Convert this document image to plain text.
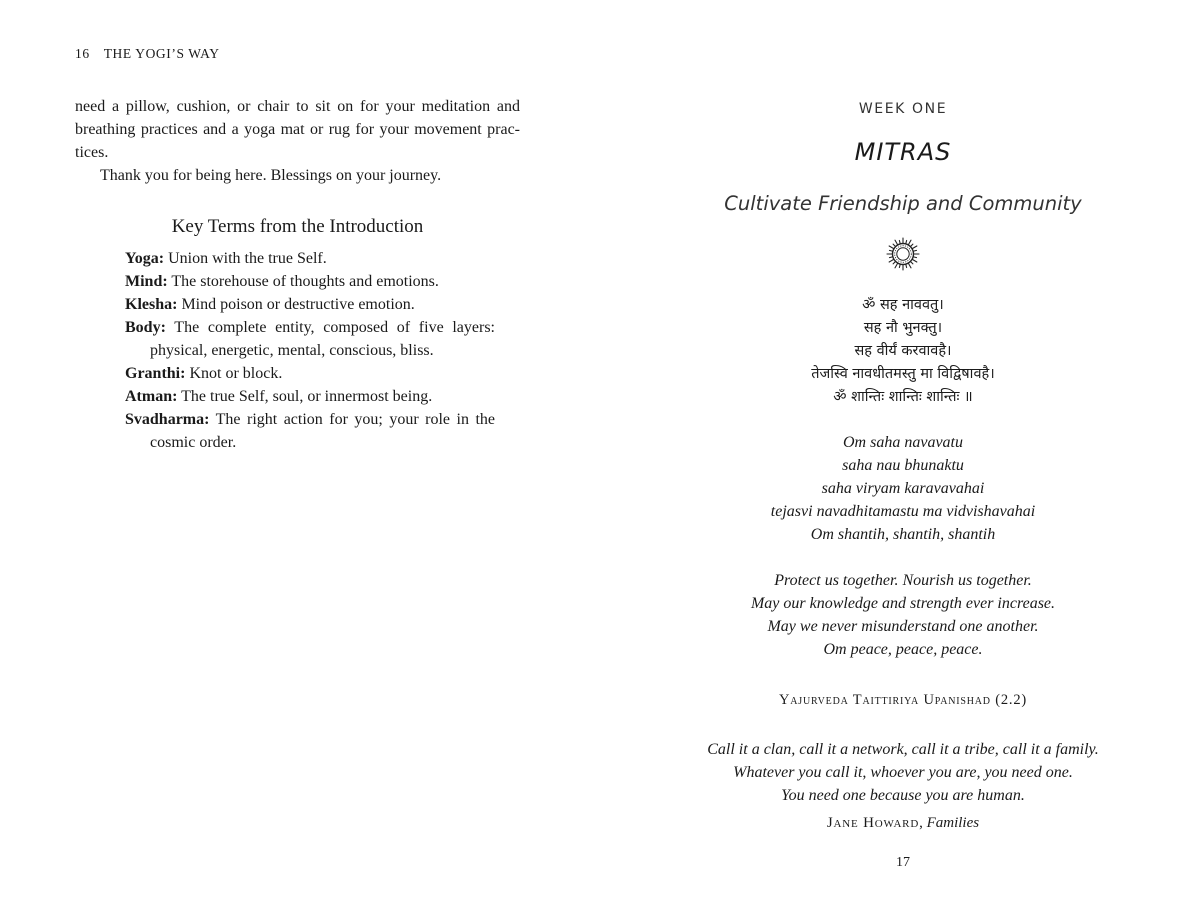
16 THE YOGI’S WAY

need a pillow, cushion, or chair to sit on for your meditation and breathing practices and a yoga mat or rug for your movement practices.

Thank you for being here. Blessings on your journey.

Key Terms from the Introduction
Yoga: Union with the true Self.
Mind: The storehouse of thoughts and emotions.
Klesha: Mind poison or destructive emotion.
Body: The complete entity, composed of five layers: physical, energetic, mental, conscious, bliss.
Granthi: Knot or block.
Atman: The true Self, soul, or innermost being.
Svadharma: The right action for you; your role in the cosmic order.
WEEK ONE
MITRAS
Cultivate Friendship and Community
ॐ सह नाववतु।
सह नौ भुनक्तु।
सह वीर्यं करवावहै।
तेजस्वि नावधीतमस्तु मा विद्विषावहै।
ॐ शान्तिः शान्तिः शान्तिः ॥
Om saha navavatu
saha nau bhunaktu
saha viryam karavavahai
tejasvi navadhitamastu ma vidvishavahai
Om shantih, shantih, shantih
Protect us together. Nourish us together.
May our knowledge and strength ever increase.
May we never misunderstand one another.
Om peace, peace, peace.
Yajurveda Taittiriya Upanishad (2.2)
Call it a clan, call it a network, call it a tribe, call it a family.
Whatever you call it, whoever you are, you need one.
You need one because you are human.
Jane Howard, Families
17
